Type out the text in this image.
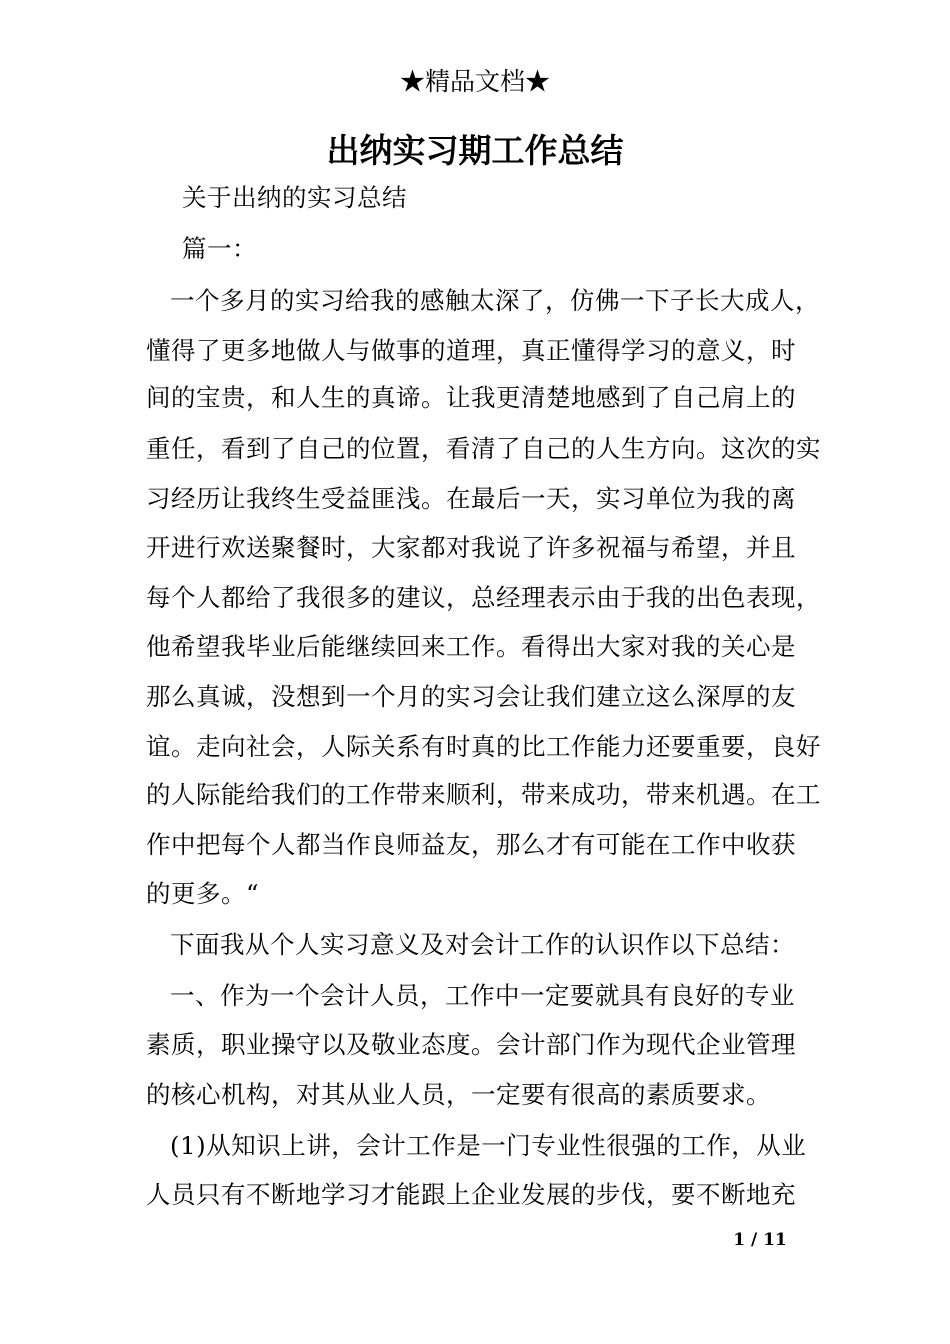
★精品文档★
出纳实习期工作总结
关于出纳的实习总结
篇一：
一个多月的实习给我的感触太深了，仿佛一下子长大成人，
懂得了更多地做人与做事的道理，真正懂得学习的意义，时
间的宝贵，和人生的真谛。让我更清楚地感到了自己肩上的
重任，看到了自己的位置，看清了自己的人生方向。这次的实
习经历让我终生受益匪浅。在最后一天，实习单位为我的离
开进行欢送聚餐时，大家都对我说了许多祝福与希望，并且
每个人都给了我很多的建议，总经理表示由于我的出色表现，
他希望我毕业后能继续回来工作。看得出大家对我的关心是
那么真诚，没想到一个月的实习会让我们建立这么深厚的友
谊。走向社会，人际关系有时真的比工作能力还要重要，良好
的人际能给我们的工作带来顺利，带来成功，带来机遇。在工
作中把每个人都当作良师益友，那么才有可能在工作中收获
的更多。“
下面我从个人实习意义及对会计工作的认识作以下总结：
一、作为一个会计人员，工作中一定要就具有良好的专业
素质，职业操守以及敬业态度。会计部门作为现代企业管理
的核心机构，对其从业人员，一定要有很高的素质要求。
(1)从知识上讲，会计工作是一门专业性很强的工作，从业
人员只有不断地学习才能跟上企业发展的步伐，要不断地充
1 / 11
